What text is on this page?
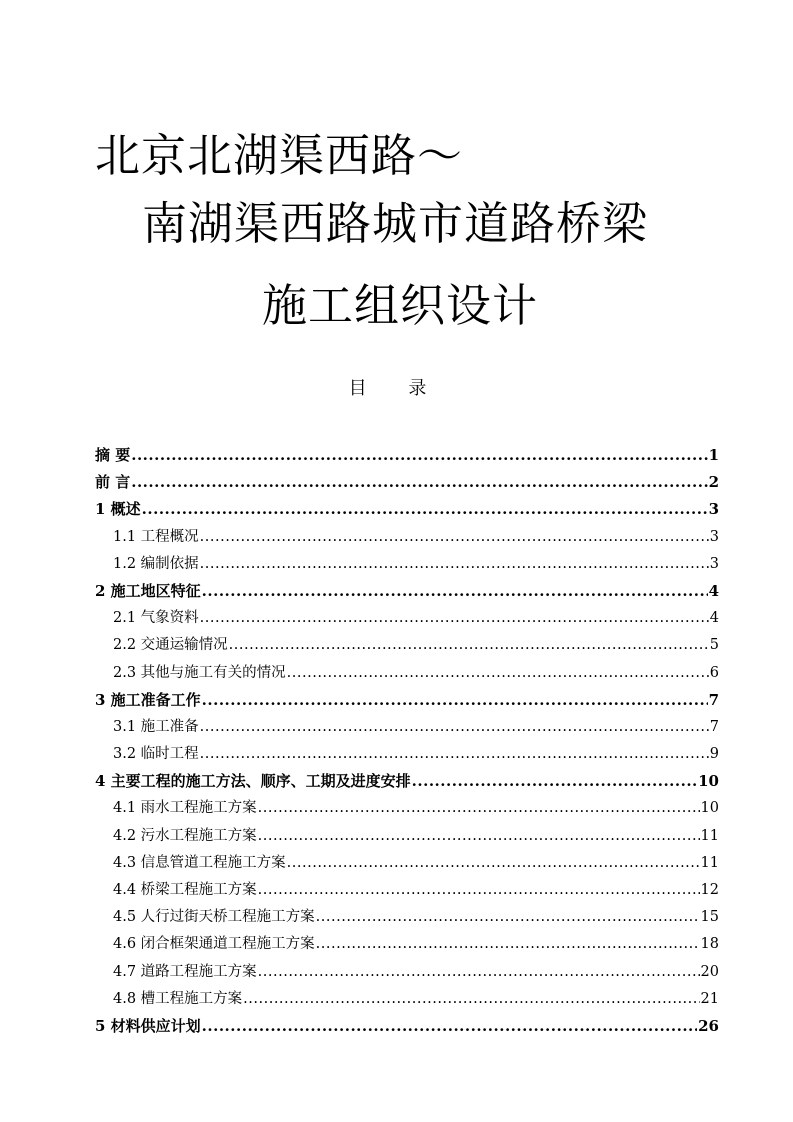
北京北湖渠西路～
南湖渠西路城市道路桥梁
施工组织设计
目 录
摘 要 .....	1
前 言 .....	2
1 概述 .....	3
1.1 工程概况 .....	3
1.2 编制依据 .....	3
2 施工地区特征 .....	4
2.1 气象资料 .....	4
2.2 交通运输情况 .....	5
2.3 其他与施工有关的情况 .....	6
3 施工准备工作 .....	7
3.1 施工准备 .....	7
3.2 临时工程 .....	9
4 主要工程的施工方法、顺序、工期及进度安排 .....	10
4.1 雨水工程施工方案 .....	10
4.2 污水工程施工方案 .....	11
4.3 信息管道工程施工方案 .....	11
4.4 桥梁工程施工方案 .....	12
4.5 人行过街天桥工程施工方案 .....	15
4.6 闭合框架通道工程施工方案 .....	18
4.7 道路工程施工方案 .....	20
4.8 槽工程施工方案 .....	21
5 材料供应计划 .....	26
